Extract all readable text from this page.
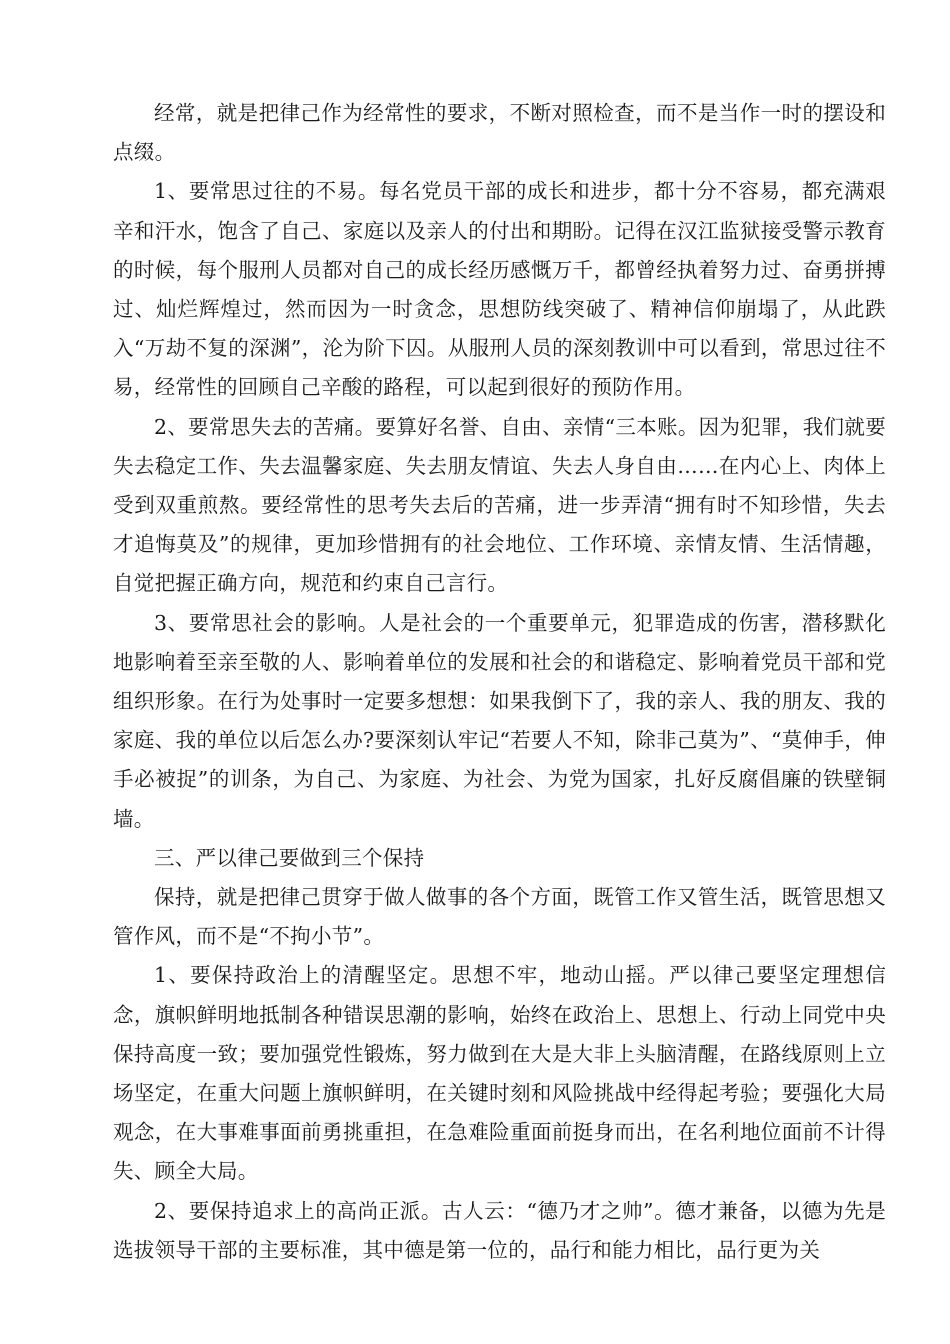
经常，就是把律己作为经常性的要求，不断对照检查，而不是当作一时的摆设和点缀。

1、要常思过往的不易。每名党员干部的成长和进步，都十分不容易，都充满艰辛和汗水，饱含了自己、家庭以及亲人的付出和期盼。记得在汉江监狱接受警示教育的时候，每个服刑人员都对自己的成长经历感慨万千，都曾经执着努力过、奋勇拼搏过、灿烂辉煌过，然而因为一时贪念，思想防线突破了、精神信仰崩塌了，从此跌入“万劫不复的深渊”，沦为阶下囚。从服刑人员的深刻教训中可以看到，常思过往不易，经常性的回顾自己辛酸的路程，可以起到很好的预防作用。

2、要常思失去的苦痛。要算好名誉、自由、亲情“三本账。因为犯罪，我们就要失去稳定工作、失去温馨家庭、失去朋友情谊、失去人身自由……在内心上、肉体上受到双重煎熬。要经常性的思考失去后的苦痛，进一步弄清“拥有时不知珍惜，失去才追悔莫及”的规律，更加珍惜拥有的社会地位、工作环境、亲情友情、生活情趣，自觉把握正确方向，规范和约束自己言行。

3、要常思社会的影响。人是社会的一个重要单元，犯罪造成的伤害，潜移默化地影响着至亲至敬的人、影响着单位的发展和社会的和谐稳定、影响着党员干部和党组织形象。在行为处事时一定要多想想：如果我倒下了，我的亲人、我的朋友、我的家庭、我的单位以后怎么办?要深刻认牢记“若要人不知，除非己莫为”、“莫伸手，伸手必被捉”的训条，为自己、为家庭、为社会、为党为国家，扎好反腐倡廉的铁壁铜墙。

三、严以律己要做到三个保持

保持，就是把律己贯穿于做人做事的各个方面，既管工作又管生活，既管思想又管作风，而不是“不拘小节”。

1、要保持政治上的清醒坚定。思想不牢，地动山摇。严以律己要坚定理想信念，旗帜鲜明地抵制各种错误思潮的影响，始终在政治上、思想上、行动上同党中央保持高度一致；要加强党性锻炼，努力做到在大是大非上头脑清醒，在路线原则上立场坚定，在重大问题上旗帜鲜明，在关键时刻和风险挑战中经得起考验；要强化大局观念，在大事难事面前勇挑重担，在急难险重面前挺身而出，在名利地位面前不计得失、顾全大局。

2、要保持追求上的高尚正派。古人云：“德乃才之帅”。德才兼备，以德为先是选拔领导干部的主要标准，其中德是第一位的，品行和能力相比，品行更为关
